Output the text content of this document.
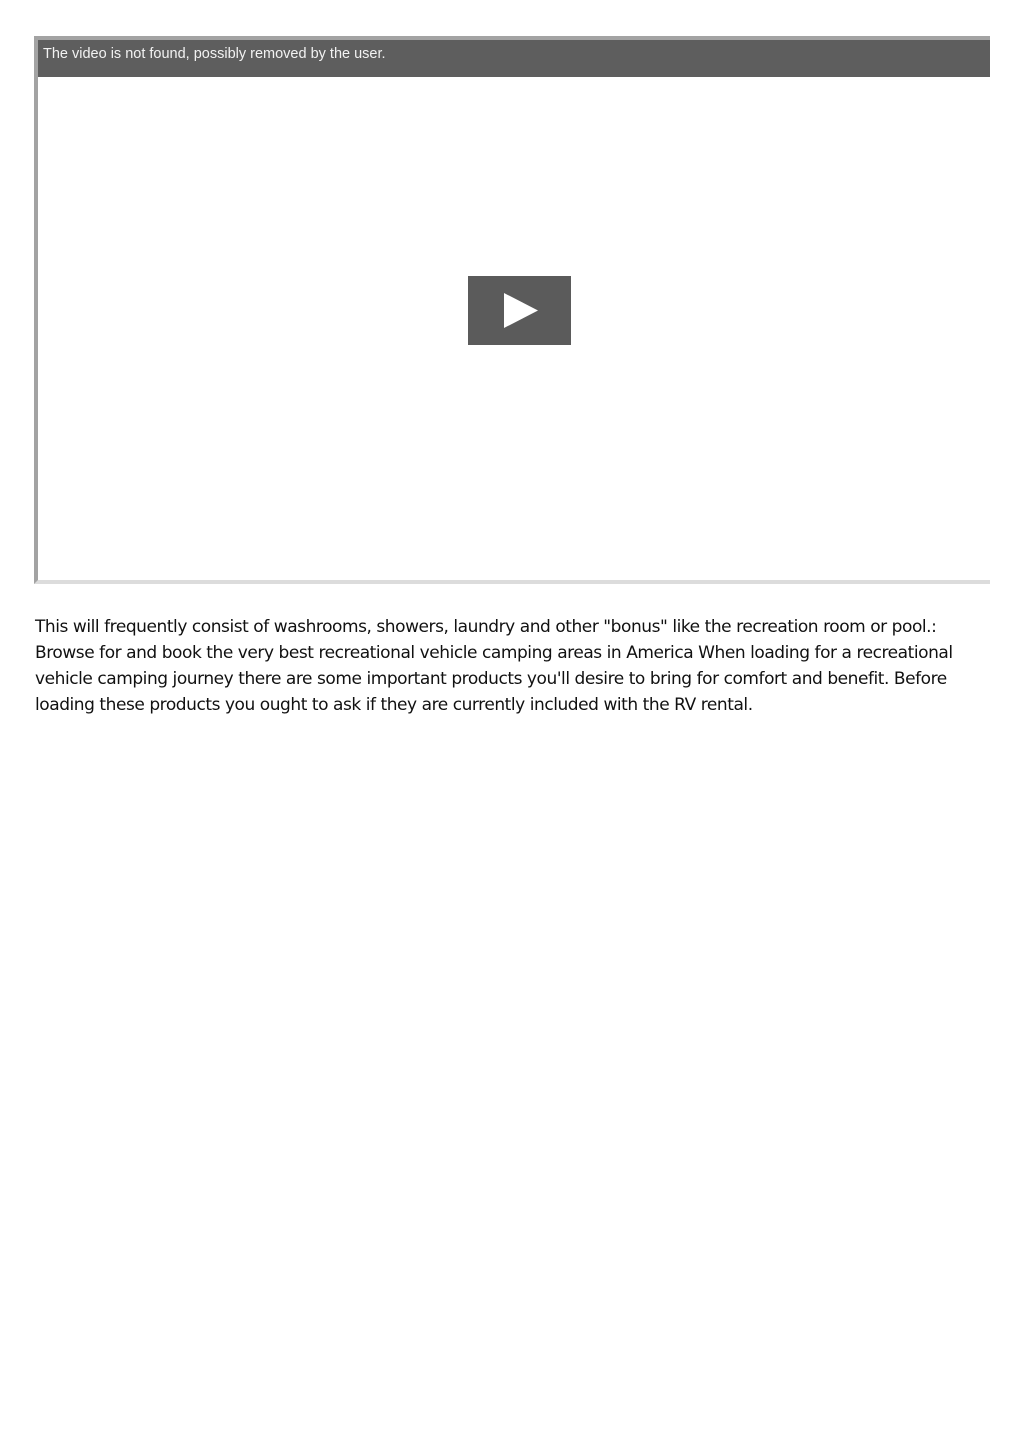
The video is not found, possibly removed by the user.

This will frequently consist of washrooms, showers, laundry and other "bonus" like the recreation room or pool.: Browse for and book the very best recreational vehicle camping areas in America When loading for a recreational vehicle camping journey there are some important products you'll desire to bring for comfort and benefit. Before loading these products you ought to ask if they are currently included with the RV rental.
